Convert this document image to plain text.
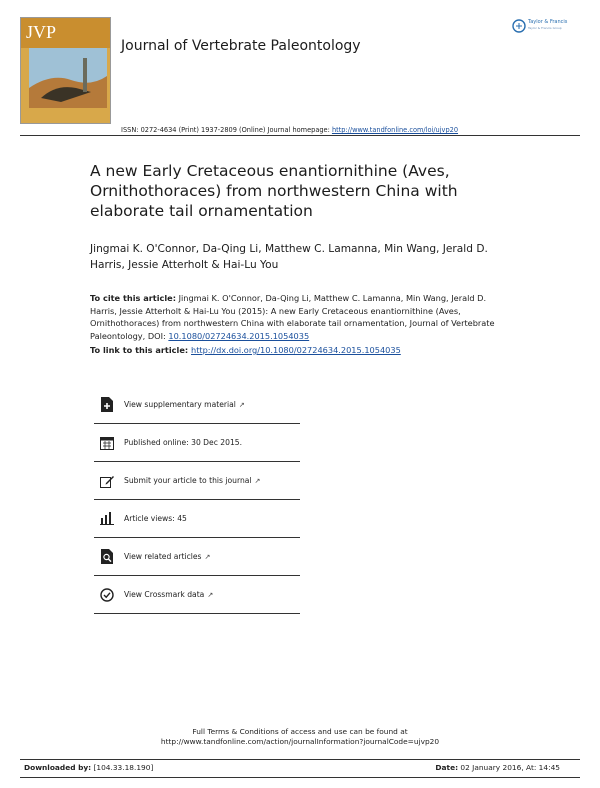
JVP
Journal of Vertebrate Paleontology
Taylor & Francis
Taylor & Francis Group
ISSN: 0272-4634 (Print) 1937-2809 (Online) Journal homepage: http://www.tandfonline.com/loi/ujvp20
A new Early Cretaceous enantiornithine (Aves, Ornithothoraces) from northwestern China with elaborate tail ornamentation
Jingmai K. O'Connor, Da-Qing Li, Matthew C. Lamanna, Min Wang, Jerald D. Harris, Jessie Atterholt & Hai-Lu You
To cite this article: Jingmai K. O'Connor, Da-Qing Li, Matthew C. Lamanna, Min Wang, Jerald D. Harris, Jessie Atterholt & Hai-Lu You (2015): A new Early Cretaceous enantiornithine (Aves, Ornithothoraces) from northwestern China with elaborate tail ornamentation, Journal of Vertebrate Paleontology, DOI: 10.1080/02724634.2015.1054035
To link to this article: http://dx.doi.org/10.1080/02724634.2015.1054035
View supplementary material ↗
Published online: 30 Dec 2015.
Submit your article to this journal ↗
Article views: 45
View related articles ↗
View Crossmark data ↗
Full Terms & Conditions of access and use can be found at
http://www.tandfonline.com/action/journalInformation?journalCode=ujvp20
Downloaded by: [104.33.18.190]	Date: 02 January 2016, At: 14:45
